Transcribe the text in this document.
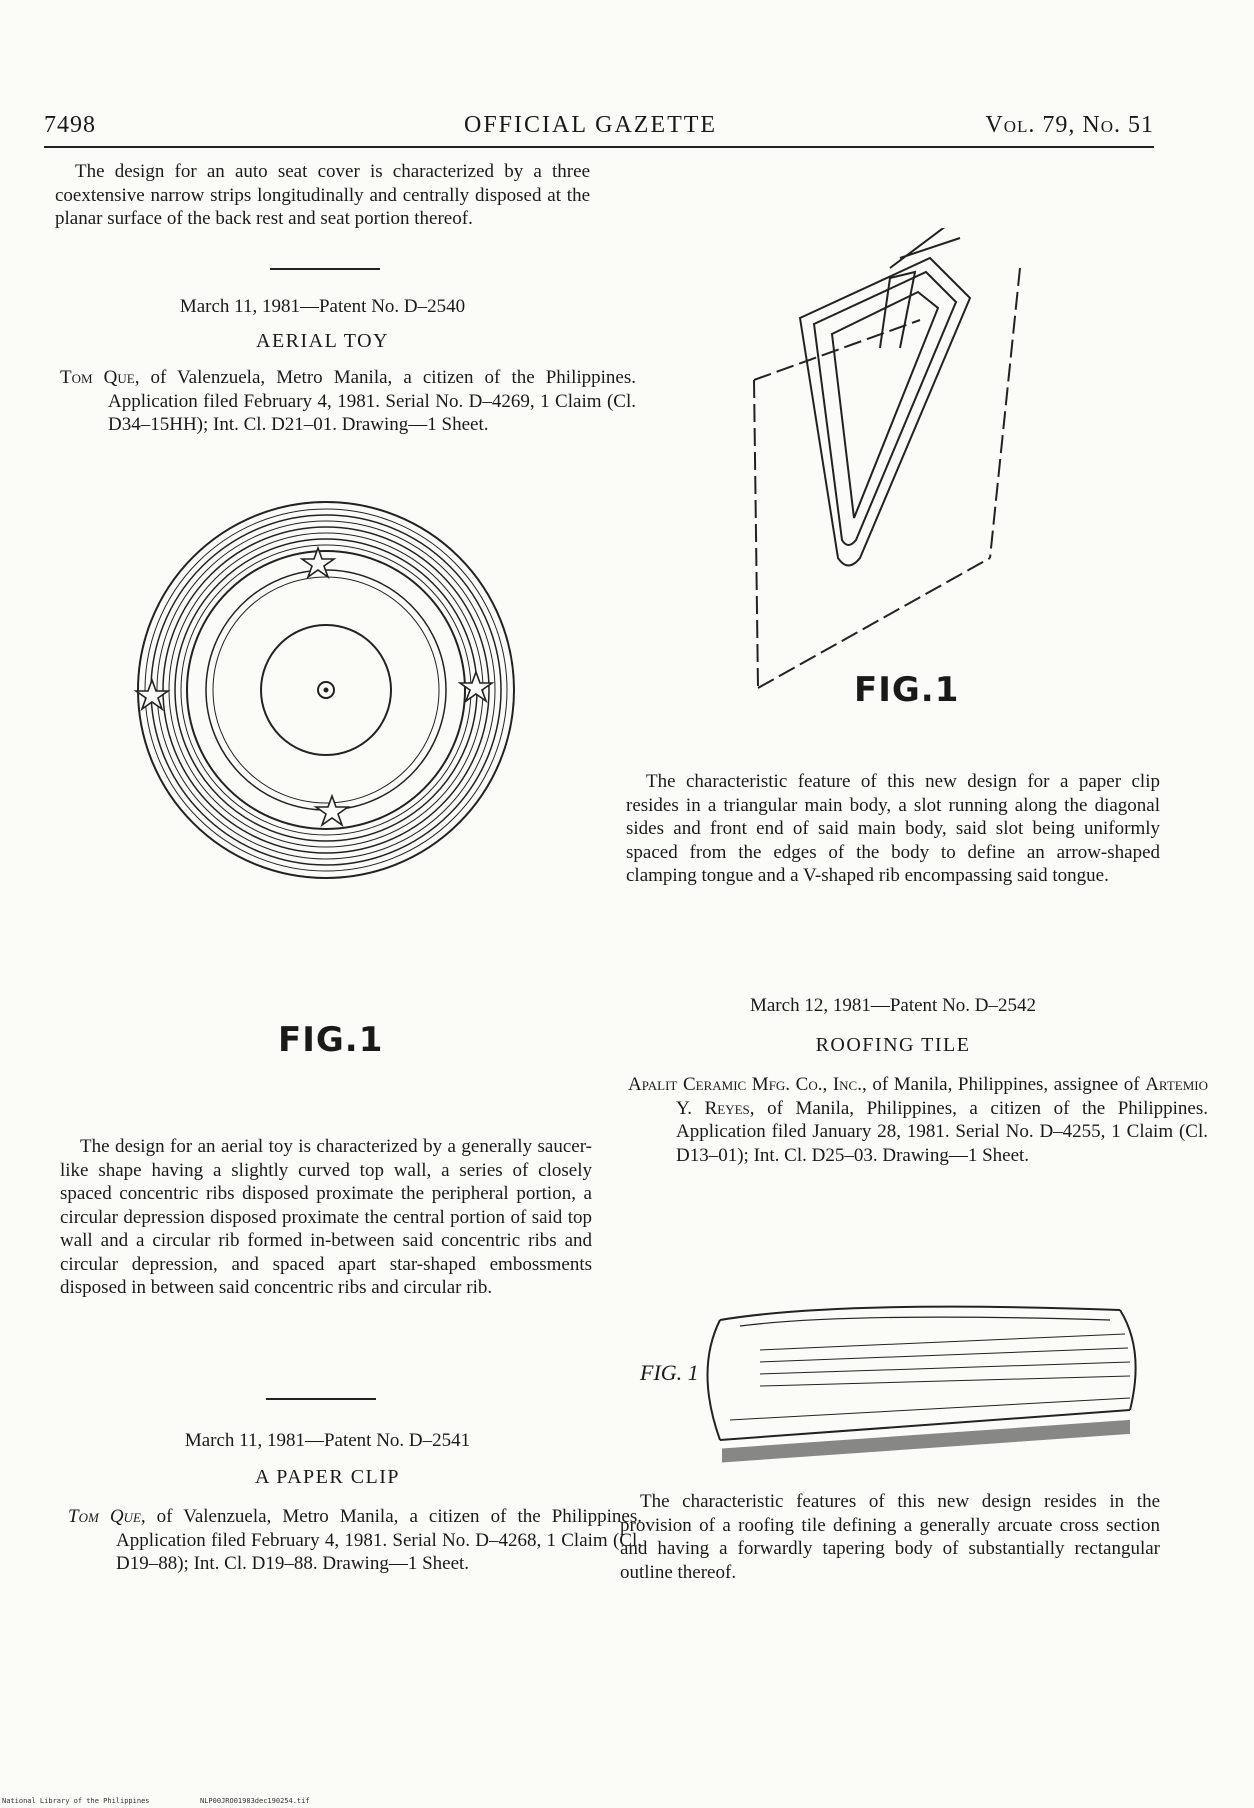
7498	OFFICIAL GAZETTE	Vol. 79, No. 51
The design for an auto seat cover is characterized by a three coextensive narrow strips longitudinally and centrally disposed at the planar surface of the back rest and seat portion thereof.
March 11, 1981—Patent No. D–2540
AERIAL TOY
Tom Que, of Valenzuela, Metro Manila, a citizen of the Philippines. Application filed February 4, 1981. Serial No. D–4269, 1 Claim (Cl. D34–15HH); Int. Cl. D21–01. Drawing—1 Sheet.
FIG.1
The design for an aerial toy is characterized by a generally saucer-like shape having a slightly curved top wall, a series of closely spaced concentric ribs disposed proximate the peripheral portion, a circular depression disposed proximate the central portion of said top wall and a circular rib formed in-between said concentric ribs and circular depression, and spaced apart star-shaped embossments disposed in between said concentric ribs and circular rib.
March 11, 1981—Patent No. D–2541
A PAPER CLIP
Tom Que, of Valenzuela, Metro Manila, a citizen of the Philippines. Application filed February 4, 1981. Serial No. D–4268, 1 Claim (Cl. D19–88); Int. Cl. D19–88. Drawing—1 Sheet.
FIG.1
The characteristic feature of this new design for a paper clip resides in a triangular main body, a slot running along the diagonal sides and front end of said main body, said slot being uniformly spaced from the edges of the body to define an arrow-shaped clamping tongue and a V-shaped rib encompassing said tongue.
March 12, 1981—Patent No. D–2542
ROOFING TILE
Apalit Ceramic Mfg. Co., Inc., of Manila, Philippines, assignee of Artemio Y. Reyes, of Manila, Philippines, a citizen of the Philippines. Application filed January 28, 1981. Serial No. D–4255, 1 Claim (Cl. D13–01); Int. Cl. D25–03. Drawing—1 Sheet.
FIG. 1
The characteristic features of this new design resides in the provision of a roofing tile defining a generally arcuate cross section and having a forwardly tapering body of substantially rectangular outline thereof.
National Library of the Philippines	NLP00JRO01983dec190254.tif
